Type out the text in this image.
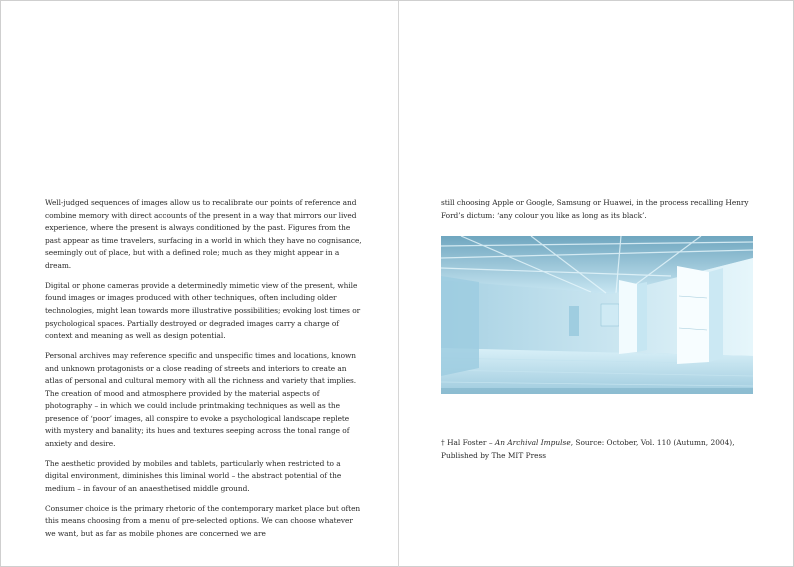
Well-judged sequences of images allow us to recalibrate our points of reference and combine memory with direct accounts of the present in a way that mirrors our lived experience, where the present is always conditioned by the past. Figures from the past appear as time travelers, surfacing in a world in which they have no cognisance, seemingly out of place, but with a defined role; much as they might appear in a dream.

Digital or phone cameras provide a determinedly mimetic view of the present, while found images or images produced with other techniques, often including older technologies, might lean towards more illustrative possibilities; evoking lost times or psychological spaces. Partially destroyed or degraded images carry a charge of context and meaning as well as design potential.

Personal archives may reference specific and unspecific times and locations, known and unknown protagonists or a close reading of streets and interiors to create an atlas of personal and cultural memory with all the richness and variety that implies. The creation of mood and atmosphere provided by the material aspects of photography – in which we could include printmaking techniques as well as the presence of ‘poor’ images, all conspire to evoke a psychological landscape replete with mystery and banality; its hues and textures seeping across the tonal range of anxiety and desire.

The aesthetic provided by mobiles and tablets, particularly when restricted to a digital environment, diminishes this liminal world – the abstract potential of the medium – in favour of an anaesthetised middle ground.

Consumer choice is the primary rhetoric of the contemporary market place but often this means choosing from a menu of pre-selected options. We can choose whatever we want, but as far as mobile phones are concerned we are

still choosing Apple or Google, Samsung or Huawei, in the process recalling Henry Ford’s dictum: ‘any colour you like as long as its black’.

† Hal Foster – An Archival Impulse, Source: October, Vol. 110 (Autumn, 2004), Published by The MIT Press
